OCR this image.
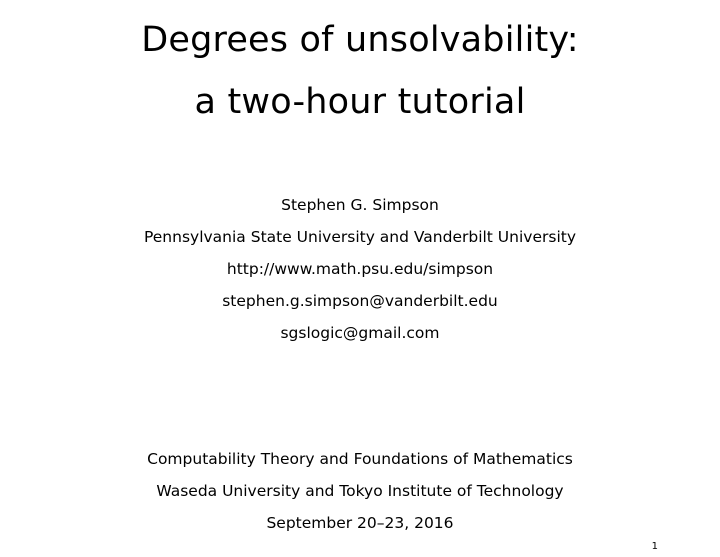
Degrees of unsolvability:
a two-hour tutorial
Stephen G. Simpson
Pennsylvania State University and Vanderbilt University
http://www.math.psu.edu/simpson
stephen.g.simpson@vanderbilt.edu
sgslogic@gmail.com
Computability Theory and Foundations of Mathematics
Waseda University and Tokyo Institute of Technology
September 20–23, 2016
1
